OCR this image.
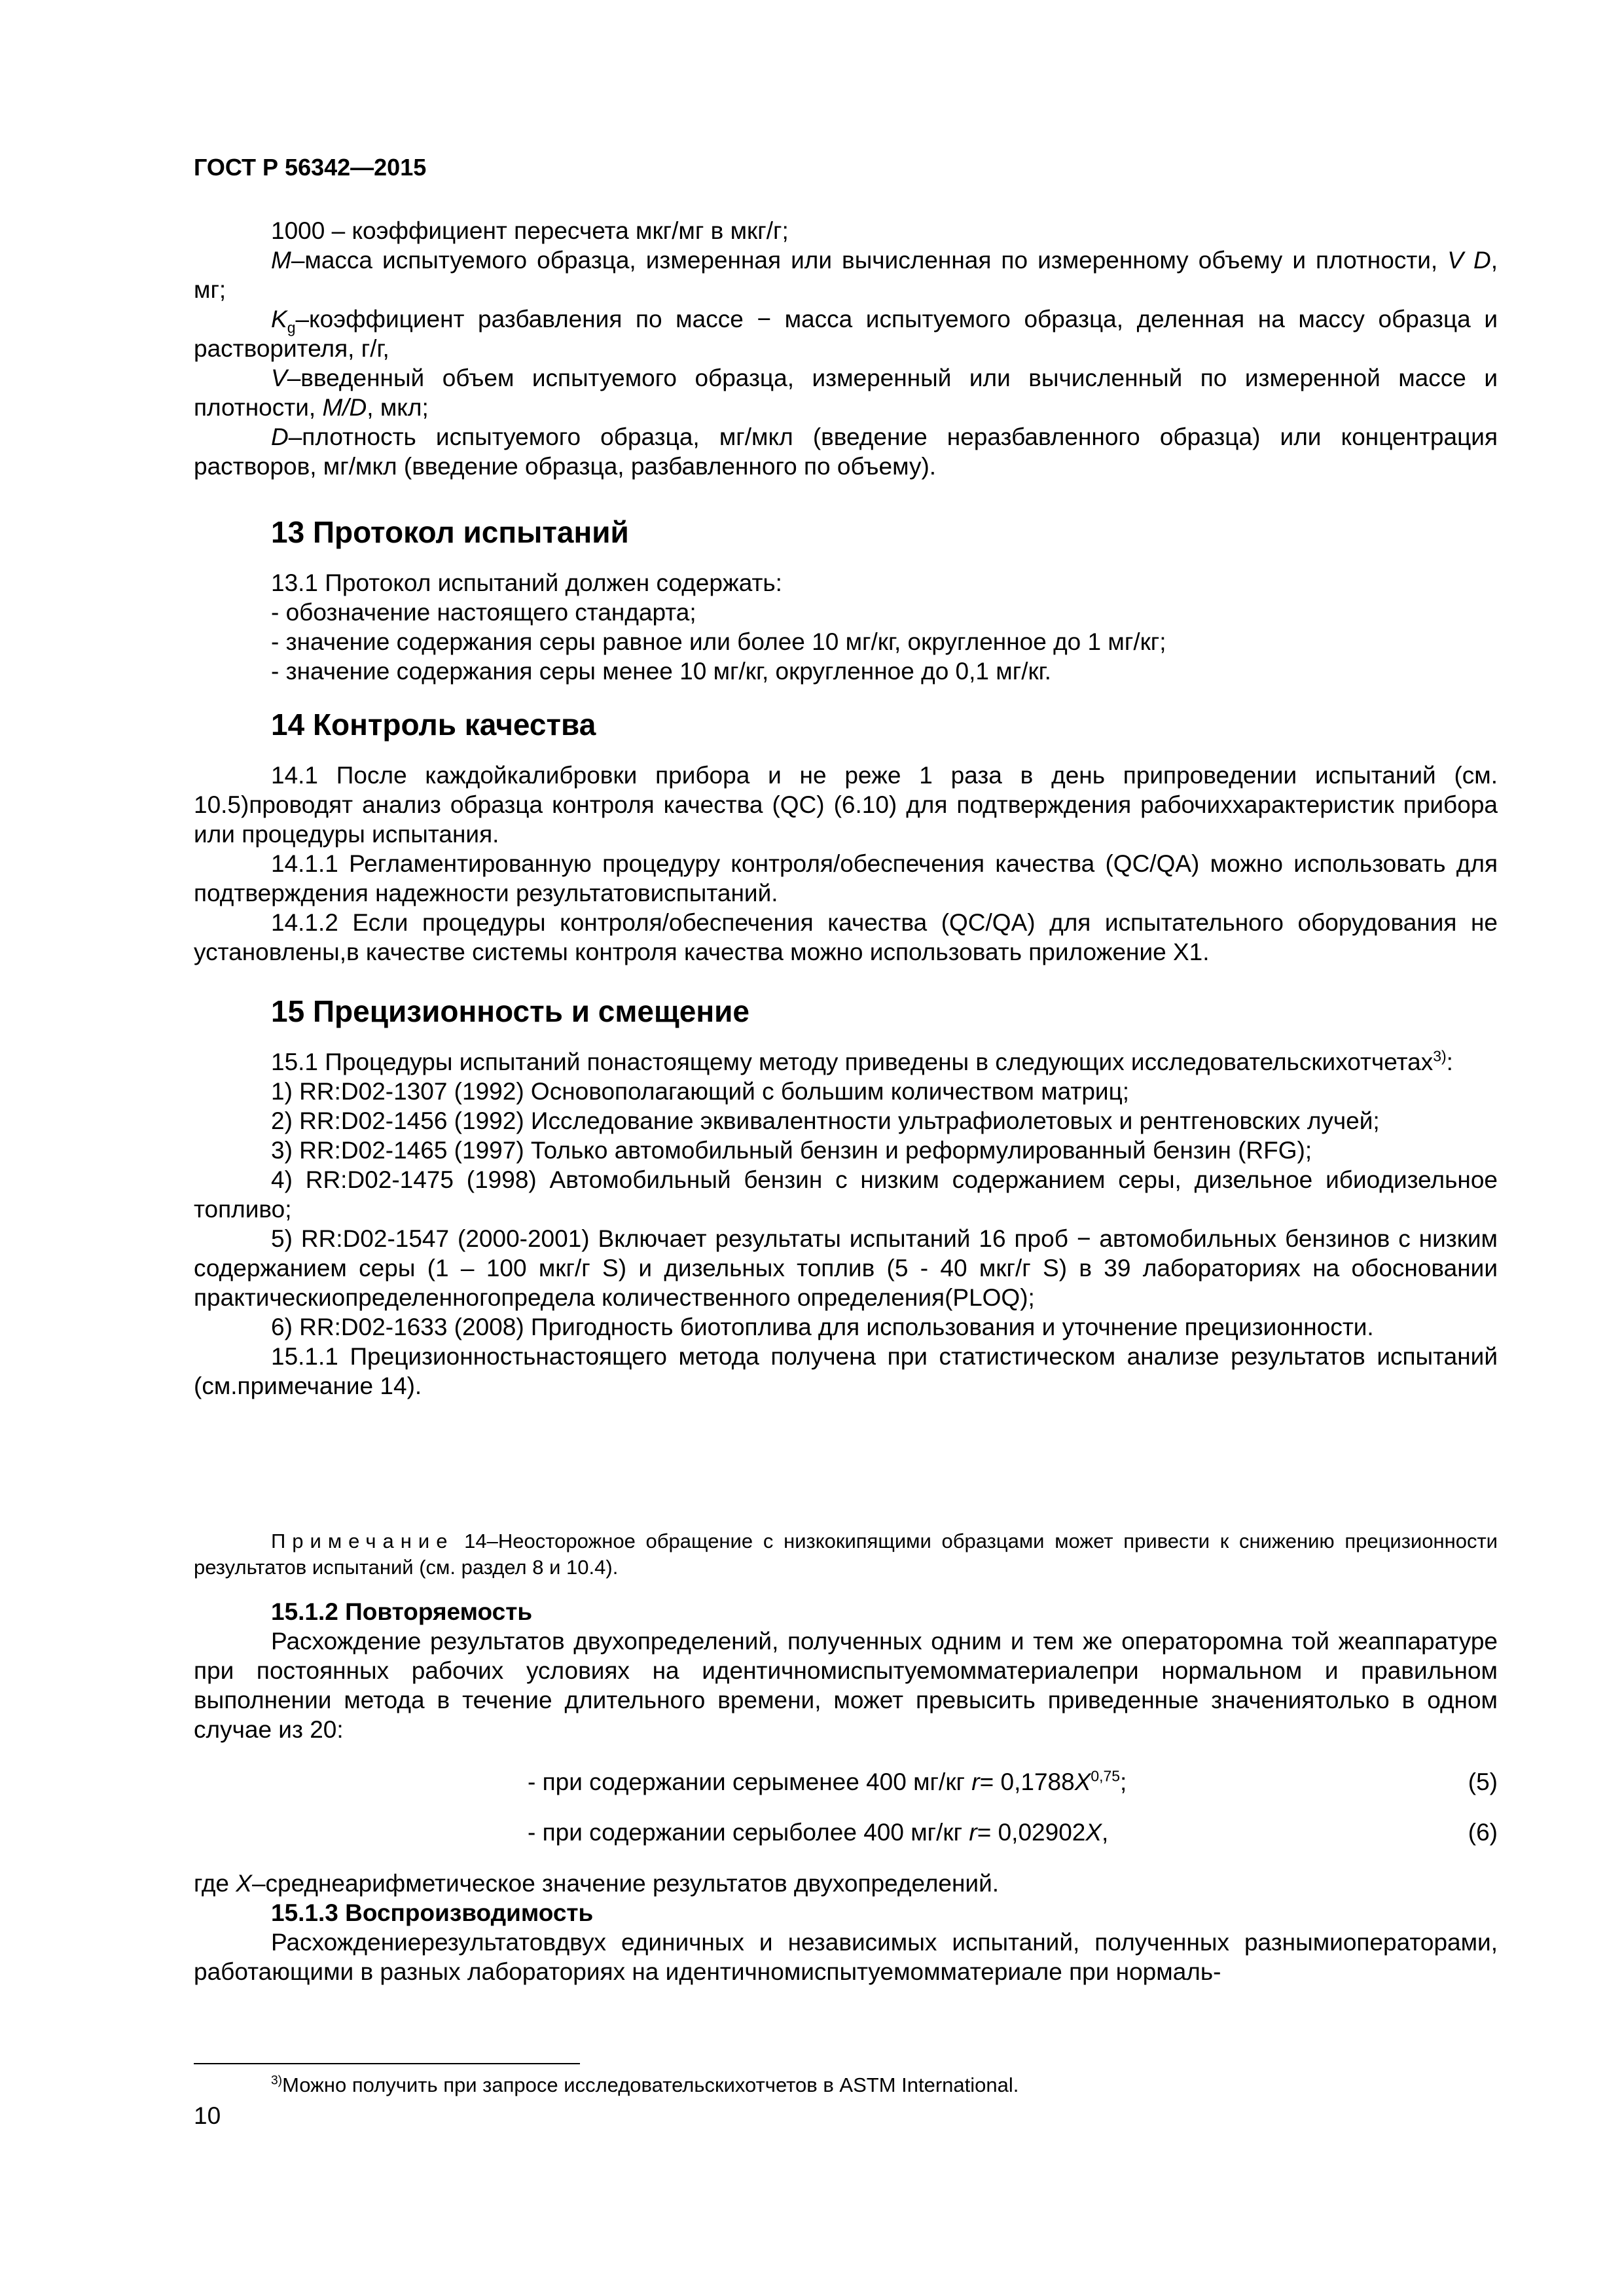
ГОСТ Р 56342—2015

1000 – коэффициент пересчета мкг/мг в мкг/г;

M–масса испытуемого образца, измеренная или вычисленная по измеренному объему и плотности, V D, мг;

$K_g$–коэффициент разбавления по массе − масса испытуемого образца, деленная на массу образца и растворителя, г/г,

V–введенный объем испытуемого образца, измеренный или вычисленный по измеренной массе и плотности, M/D, мкл;

D–плотность испытуемого образца, мг/мкл (введение неразбавленного образца) или концентрация растворов, мг/мкл (введение образца, разбавленного по объему).

13 Протокол испытаний

13.1 Протокол испытаний должен содержать:

- обозначение настоящего стандарта;

- значение содержания серы равное или более 10 мг/кг, округленное до 1 мг/кг;

- значение содержания серы менее 10 мг/кг, округленное до 0,1 мг/кг.

14 Контроль качества

14.1 После каждойкалибровки прибора и не реже 1 раза в день припроведении испытаний (см. 10.5)проводят анализ образца контроля качества (QC) (6.10) для подтверждения рабочиххарактеристик прибора или процедуры испытания.

14.1.1 Регламентированную процедуру контроля/обеспечения качества (QC/QA) можно использовать для подтверждения надежности результатовиспытаний.

14.1.2 Если процедуры контроля/обеспечения качества (QC/QA) для испытательного оборудования не установлены,в качестве системы контроля качества можно использовать приложение X1.

15 Прецизионность и смещение

15.1 Процедуры испытаний понастоящему методу приведены в следующих исследовательскихотчетах$^{3)}$:

1) RR:D02-1307 (1992) Основополагающий с большим количеством матриц;

2) RR:D02-1456 (1992) Исследование эквивалентности ультрафиолетовых и рентгеновских лучей;

3) RR:D02-1465 (1997) Только автомобильный бензин и реформулированный бензин (RFG);

4) RR:D02-1475 (1998) Автомобильный бензин с низким содержанием серы, дизельное ибиодизельное топливо;

5) RR:D02-1547 (2000-2001) Включает результаты испытаний 16 проб − автомобильных бензинов с низким содержанием серы (1 – 100 мкг/г S) и дизельных топлив (5 - 40 мкг/г S) в 39 лабораториях на обосновании практическиопределенногопредела количественного определения(PLOQ);

6) RR:D02-1633 (2008) Пригодность биотоплива для использования и уточнение прецизионности.

15.1.1 Прецизионностьнастоящего метода получена при статистическом анализе результатов испытаний (см.примечание 14).

Примечание 14–Неосторожное обращение с низкокипящими образцами может привести к снижению прецизионности результатов испытаний (см. раздел 8 и 10.4).

15.1.2 Повторяемость

Расхождение результатов двухопределений, полученных одним и тем же операторомна той жеаппаратуре при постоянных рабочих условиях на идентичномиспытуемомматериалепри нормальном и правильном выполнении метода в течение длительного времени, может превысить приведенные значениятолько в одном случае из 20:

- при содержании серыменее 400 мг/кг $r= 0,1788X^{0,75}$;	(5)
- при содержании серыболее 400 мг/кг r= 0,02902X,	(6)

где X–среднеарифметическое значение результатов двухопределений.

15.1.3 Воспроизводимость

Расхождениерезультатовдвух единичных и независимых испытаний, полученных разнымиоператорами, работающими в разных лабораториях на идентичномиспытуемомматериале при нормаль-

$^{3)}$Можно получить при запросе исследовательскихотчетов в ASTM International.
10
